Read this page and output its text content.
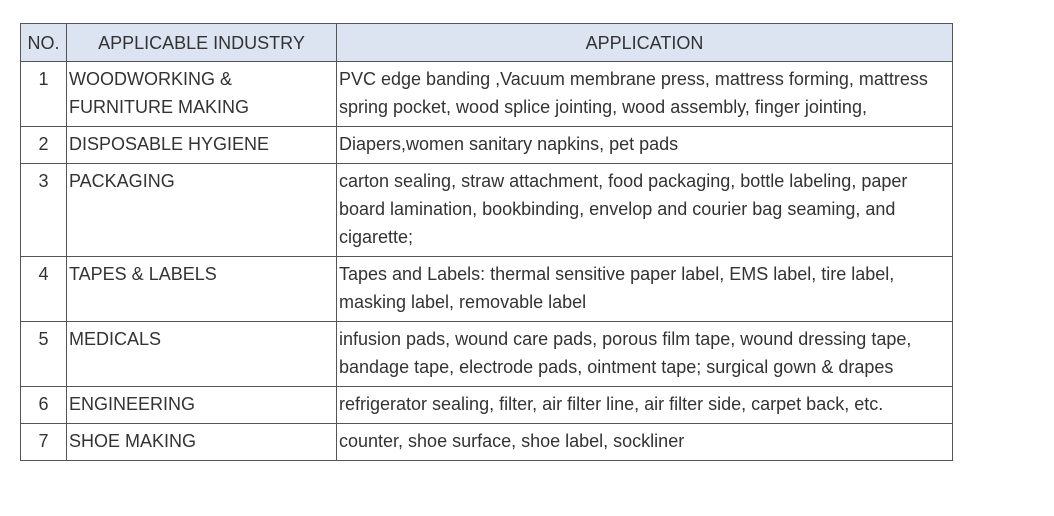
NO.	APPLICABLE INDUSTRY	APPLICATION
1	WOODWORKING & FURNITURE MAKING	PVC edge banding ,Vacuum membrane press, mattress forming, mattress spring pocket, wood splice jointing, wood assembly, finger jointing,
2	DISPOSABLE HYGIENE	Diapers,women sanitary napkins, pet pads
3	PACKAGING	carton sealing, straw attachment, food packaging, bottle labeling, paper board lamination, bookbinding, envelop and courier bag seaming, and cigarette;
4	TAPES & LABELS	Tapes and Labels: thermal sensitive paper label, EMS label, tire label, masking label, removable label
5	MEDICALS	infusion pads, wound care pads, porous film tape, wound dressing tape, bandage tape, electrode pads, ointment tape; surgical gown & drapes
6	ENGINEERING	refrigerator sealing, filter, air filter line, air filter side, carpet back, etc.
7	SHOE MAKING	counter, shoe surface, shoe label, sockliner
